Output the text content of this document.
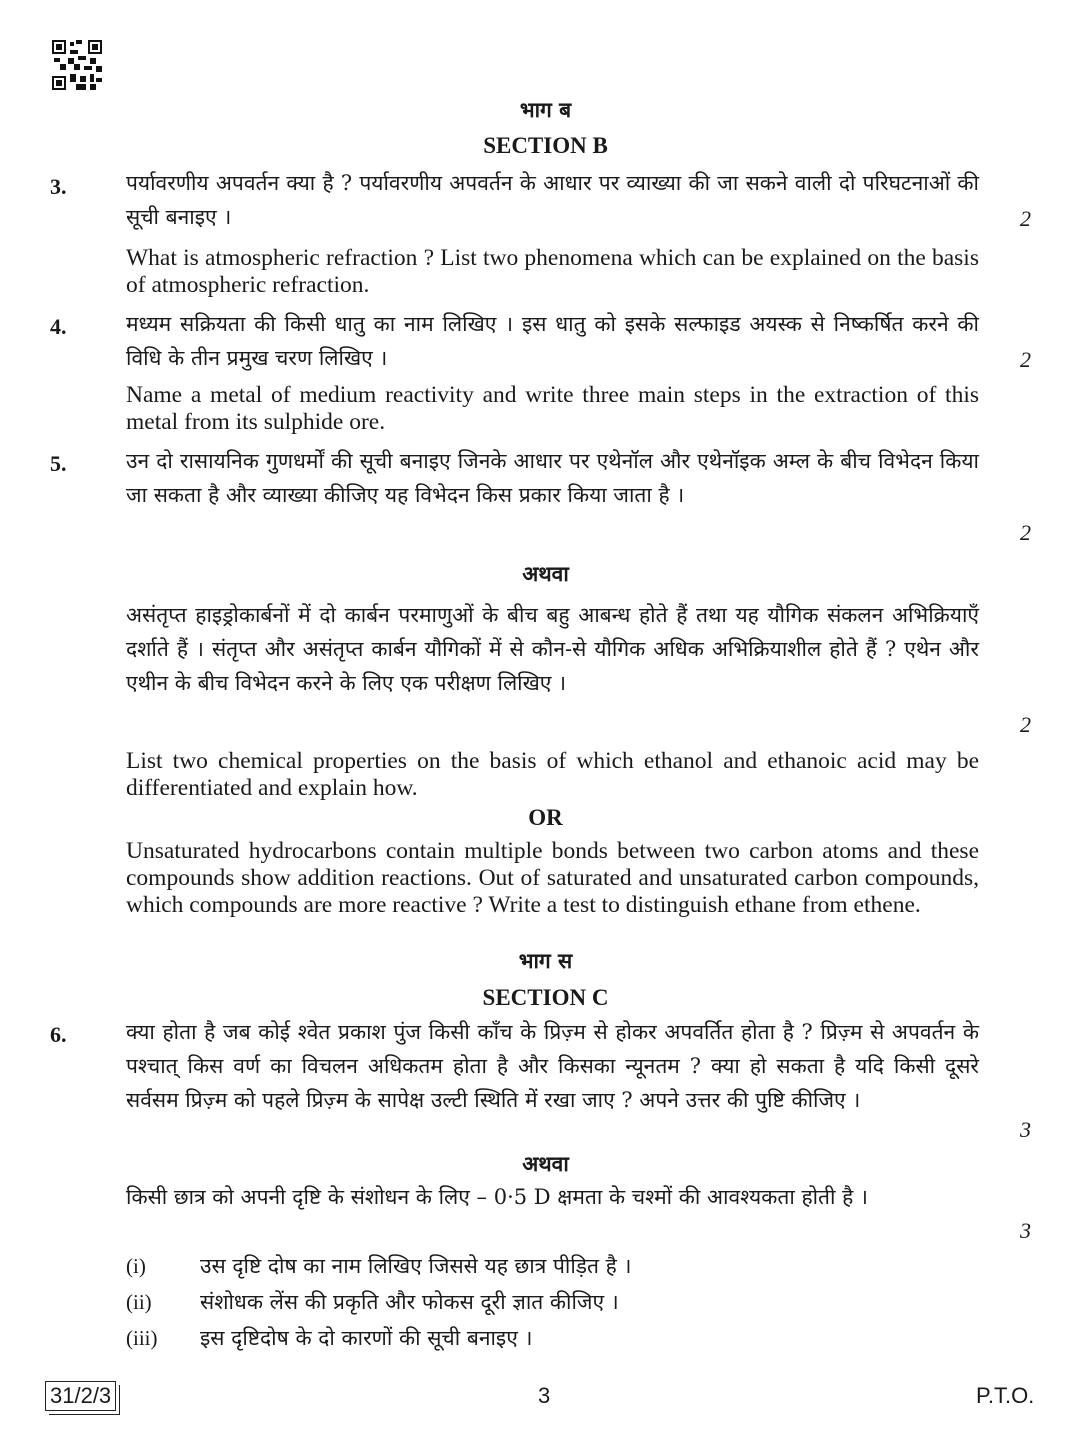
भाग ब
SECTION B
3.	पर्यावरणीय अपवर्तन क्या है ? पर्यावरणीय अपवर्तन के आधार पर व्याख्या की जा सकने वाली दो परिघटनाओं की सूची बनाइए ।	2
What is atmospheric refraction ? List two phenomena which can be explained on the basis of atmospheric refraction.
4.	मध्यम सक्रियता की किसी धातु का नाम लिखिए । इस धातु को इसके सल्फाइड अयस्क से निष्कर्षित करने की विधि के तीन प्रमुख चरण लिखिए ।	2
Name a metal of medium reactivity and write three main steps in the extraction of this metal from its sulphide ore.
5.	उन दो रासायनिक गुणधर्मों की सूची बनाइए जिनके आधार पर एथेनॉल और एथेनॉइक अम्ल के बीच विभेदन किया जा सकता है और व्याख्या कीजिए यह विभेदन किस प्रकार किया जाता है ।
2
अथवा
असंतृप्त हाइड्रोकार्बनों में दो कार्बन परमाणुओं के बीच बहु आबन्ध होते हैं तथा यह यौगिक संकलन अभिक्रियाएँ दर्शाते हैं । संतृप्त और असंतृप्त कार्बन यौगिकों में से कौन-से यौगिक अधिक अभिक्रियाशील होते हैं ? एथेन और एथीन के बीच विभेदन करने के लिए एक परीक्षण लिखिए ।
2
List two chemical properties on the basis of which ethanol and ethanoic acid may be differentiated and explain how.
OR
Unsaturated hydrocarbons contain multiple bonds between two carbon atoms and these compounds show addition reactions. Out of saturated and unsaturated carbon compounds, which compounds are more reactive ? Write a test to distinguish ethane from ethene.
भाग स
SECTION C
6.	क्या होता है जब कोई श्वेत प्रकाश पुंज किसी काँच के प्रिज़्म से होकर अपवर्तित होता है ? प्रिज़्म से अपवर्तन के पश्चात् किस वर्ण का विचलन अधिकतम होता है और किसका न्यूनतम ? क्या हो सकता है यदि किसी दूसरे सर्वसम प्रिज़्म को पहले प्रिज़्म के सापेक्ष उल्टी स्थिति में रखा जाए ? अपने उत्तर की पुष्टि कीजिए ।
3
अथवा
किसी छात्र को अपनी दृष्टि के संशोधन के लिए – 0·5 D क्षमता के चश्मों की आवश्यकता होती है ।
3
(i)	उस दृष्टि दोष का नाम लिखिए जिससे यह छात्र पीड़ित है ।
(ii) संशोधक लेंस की प्रकृति और फोकस दूरी ज्ञात कीजिए ।
(iii) इस दृष्टिदोष के दो कारणों की सूची बनाइए ।
31/2/3	3	P.T.O.
